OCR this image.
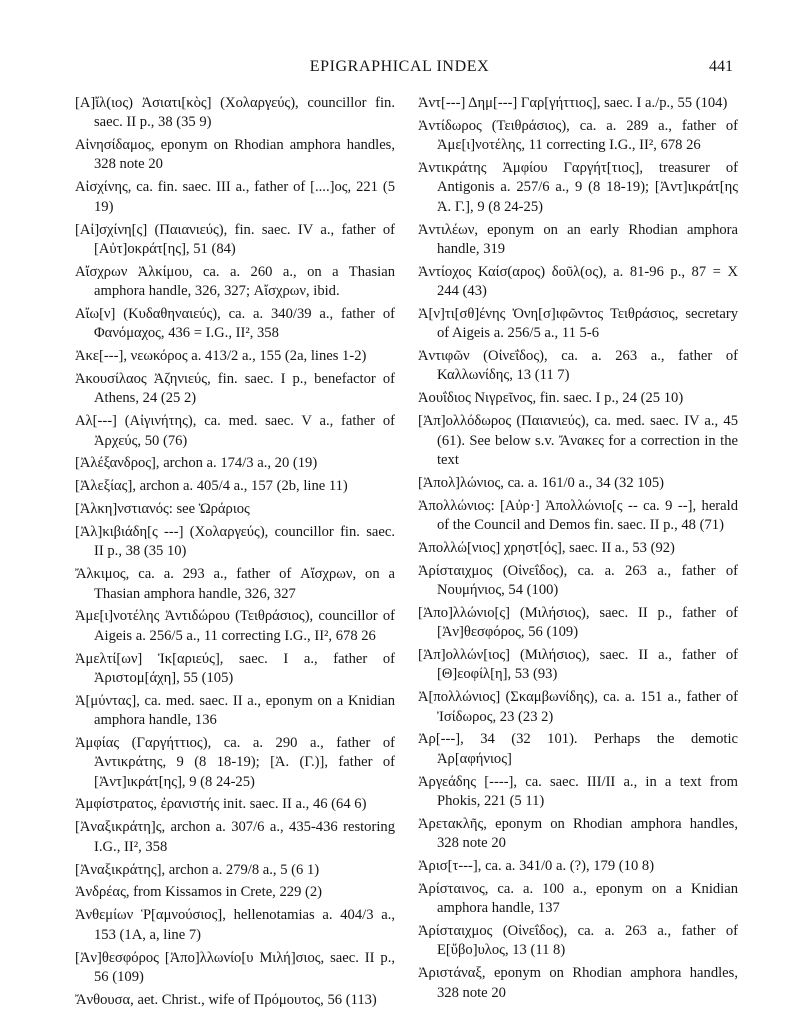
EPIGRAPHICAL INDEX	441

[Α]ἴλ(ιος) Ἀσιατι[κὸς] (Χολαργεύς), councillor fin. saec. II p., 38 (35 9)

Αἰνησίδαμος, eponym on Rhodian amphora handles, 328 note 20

Αἰσχίνης, ca. fin. saec. III a., father of [....]ος, 221 (5 19)

[Αἰ]σχίνη[ς] (Παιανιεύς), fin. saec. IV a., father of [Αὐτ]οκράτ[ης], 51 (84)

Αἴσχρων Ἀλκίμου, ca. a. 260 a., on a Thasian amphora handle, 326, 327; Αἴσχρων, ibid.

Αἴω[ν] (Κυδαθηναιεύς), ca. a. 340/39 a., father of Φανόμαχος, 436 = I.G., II², 358

Ἀκε[---], νεωκόρος a. 413/2 a., 155 (2a, lines 1-2)

Ἀκουσίλαος Ἀζηνιεύς, fin. saec. I p., benefactor of Athens, 24 (25 2)

Αλ[---] (Αἰγινήτης), ca. med. saec. V a., father of Ἀρχεύς, 50 (76)

[Ἀλέξανδρος], archon a. 174/3 a., 20 (19)

[Ἀλεξίας], archon a. 405/4 a., 157 (2b, line 11)

[Ἀλκη]νστιανός: see Ὡράριος

[Ἀλ]κιβιάδη[ς ---] (Χολαργεύς), councillor fin. saec. II p., 38 (35 10)

Ἄλκιμος, ca. a. 293 a., father of Αἴσχρων, on a Thasian amphora handle, 326, 327

Ἀμε[ι]νοτέλης Ἀντιδώρου (Τειθράσιος), councillor of Aigeis a. 256/5 a., 11 correcting I.G., II², 678 26

Ἀμελτί[ων] Ἰκ[αριεύς], saec. I a., father of Ἀριστομ[άχη], 55 (105)

Ἀ[μύντας], ca. med. saec. II a., eponym on a Knidian amphora handle, 136

Ἀμφίας (Γαργήττιος), ca. a. 290 a., father of Ἀντικράτης, 9 (8 18-19); [Ἀ. (Γ.)], father of [Ἀντ]ικράτ[ης], 9 (8 24-25)

Ἀμφίστρατος, ἐρανιστής init. saec. II a., 46 (64 6)

[Ἀναξικράτη]ς, archon a. 307/6 a., 435-436 restoring I.G., II², 358

[Ἀναξικράτης], archon a. 279/8 a., 5 (6 1)

Ἀνδρέας, from Kissamos in Crete, 229 (2)

Ἀνθεμίων Ῥ[αμνούσιος], hellenotamias a. 404/3 a., 153 (1A, a, line 7)

[Ἀν]θεσφόρος [Ἀπο]λλωνίο[υ Μιλή]σιος, saec. II p., 56 (109)

Ἄνθουσα, aet. Christ., wife of Πρόμουτος, 56 (113)

Ἀντ[---] Δημ[---] Γαρ[γήττιος], saec. I a./p., 55 (104)

Ἀντίδωρος (Τειθράσιος), ca. a. 289 a., father of Ἀμε[ι]νοτέλης, 11 correcting I.G., II², 678 26

Ἀντικράτης Ἀμφίου Γαργήτ[τιος], treasurer of Antigonis a. 257/6 a., 9 (8 18-19); [Ἀντ]ικράτ[ης Ἀ. Γ.], 9 (8 24-25)

Ἀντιλέων, eponym on an early Rhodian amphora handle, 319

Ἀντίοχος Καίσ(αρος) δοῦλ(ος), a. 81-96 p., 87 = X 244 (43)

Ἀ[ν]τι[σθ]ένης Ὀνη[σ]ιφῶντος Τειθράσιος, secretary of Aigeis a. 256/5 a., 11 5-6

Ἀντιφῶν (Οἰνεΐδος), ca. a. 263 a., father of Καλλωνίδης, 13 (11 7)

Ἀουΐδιος Νιγρεῖνος, fin. saec. I p., 24 (25 10)

[Ἀπ]ολλόδωρος (Παιανιεύς), ca. med. saec. IV a., 45 (61). See below s.v. Ἄνακες for a correction in the text

[Ἀπολ]λώνιος, ca. a. 161/0 a., 34 (32 105)

Ἀπολλώνιος: [Αὐρ·] Ἀπολλώνιο[ς -- ca. 9 --], herald of the Council and Demos fin. saec. II p., 48 (71)

Ἀπολλώ[νιος] χρηστ[ός], saec. II a., 53 (92)

Ἀρίσταιχμος (Οἰνεΐδος), ca. a. 263 a., father of Νουμήνιος, 54 (100)

[Ἀπο]λλώνιο[ς] (Μιλήσιος), saec. II p., father of [Ἀν]θεσφόρος, 56 (109)

[Ἀπ]ολλών[ιος] (Μιλήσιος), saec. II a., father of [Θ]εοφίλ[η], 53 (93)

Ἀ[πολλώνιος] (Σκαμβωνίδης), ca. a. 151 a., father of Ἰσίδωρος, 23 (23 2)

Ἀρ[---], 34 (32 101). Perhaps the demotic Ἀρ[αφήνιος]

Ἀργεάδης [----], ca. saec. III/II a., in a text from Phokis, 221 (5 11)

Ἀρετακλῆς, eponym on Rhodian amphora handles, 328 note 20

Ἀρισ[τ---], ca. a. 341/0 a. (?), 179 (10 8)

Ἀρίσταινος, ca. a. 100 a., eponym on a Knidian amphora handle, 137

Ἀρίσταιχμος (Οἰνεΐδος), ca. a. 263 a., father of Ε[ὔβο]υλος, 13 (11 8)

Ἀριστάναξ, eponym on Rhodian amphora handles, 328 note 20
